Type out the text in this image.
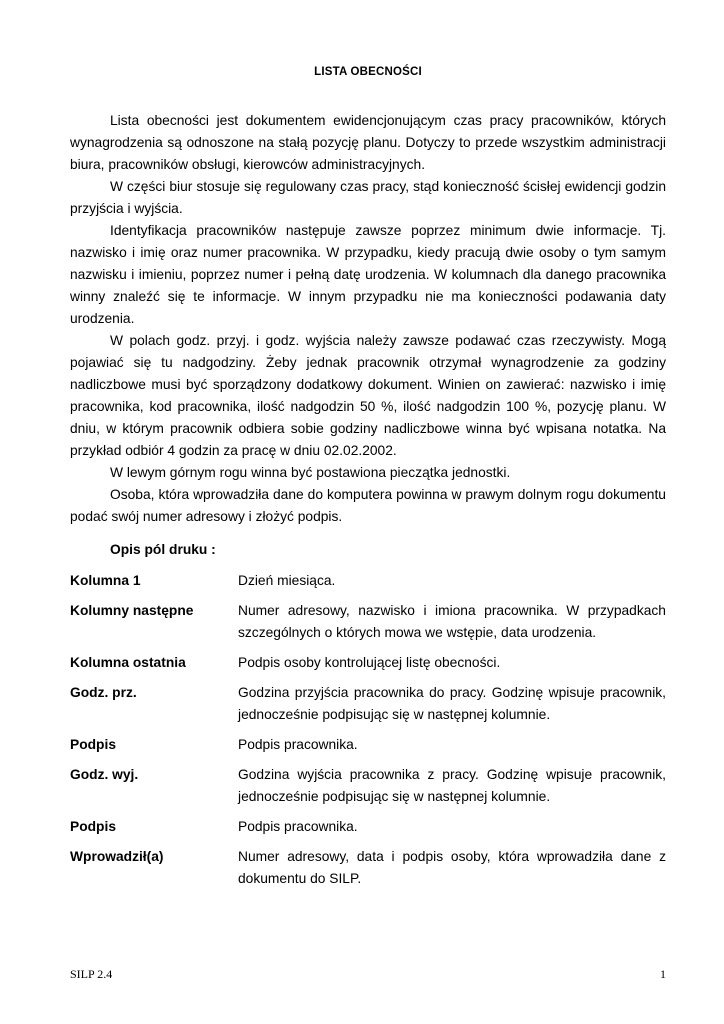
LISTA OBECNOŚCI

Lista obecności jest dokumentem ewidencjonującym czas pracy pracowników, których wynagrodzenia są odnoszone na stałą pozycję planu. Dotyczy to przede wszystkim administracji biura, pracowników obsługi, kierowców administracyjnych.

W części biur stosuje się regulowany czas pracy, stąd konieczność ścisłej ewidencji godzin przyjścia i wyjścia.

Identyfikacja pracowników następuje zawsze poprzez minimum dwie informacje. Tj. nazwisko i imię oraz numer pracownika. W przypadku, kiedy pracują dwie osoby o tym samym nazwisku i imieniu, poprzez numer i pełną datę urodzenia. W kolumnach dla danego pracownika winny znaleźć się te informacje. W innym przypadku nie ma konieczności podawania daty urodzenia.

W polach godz. przyj. i godz. wyjścia należy zawsze podawać czas rzeczywisty. Mogą pojawiać się tu nadgodziny. Żeby jednak pracownik otrzymał wynagrodzenie za godziny nadliczbowe musi być sporządzony dodatkowy dokument. Winien on zawierać: nazwisko i imię pracownika, kod pracownika, ilość nadgodzin 50 %, ilość nadgodzin 100 %, pozycję planu. W dniu, w którym pracownik odbiera sobie godziny nadliczbowe winna być wpisana notatka. Na przykład odbiór 4 godzin za pracę w dniu 02.02.2002.

W lewym górnym rogu winna być postawiona pieczątka jednostki.

Osoba, która wprowadziła dane do komputera powinna w prawym dolnym rogu dokumentu podać swój numer adresowy i złożyć podpis.

Opis pól druku :
Kolumna 1	Dzień miesiąca.
Kolumny następne	Numer adresowy, nazwisko i imiona pracownika. W przypadkach szczególnych o których mowa we wstępie, data urodzenia.
Kolumna ostatnia	Podpis osoby kontrolującej listę obecności.
Godz. prz.	Godzina przyjścia pracownika do pracy. Godzinę wpisuje pracownik, jednocześnie podpisując się w następnej kolumnie.
Podpis	Podpis pracownika.
Godz. wyj.	Godzina wyjścia pracownika z pracy. Godzinę wpisuje pracownik, jednocześnie podpisując się w następnej kolumnie.
Podpis	Podpis pracownika.
Wprowadził(a)	Numer adresowy, data i podpis osoby, która wprowadziła dane z dokumentu do SILP.
SILP 2.4	1
